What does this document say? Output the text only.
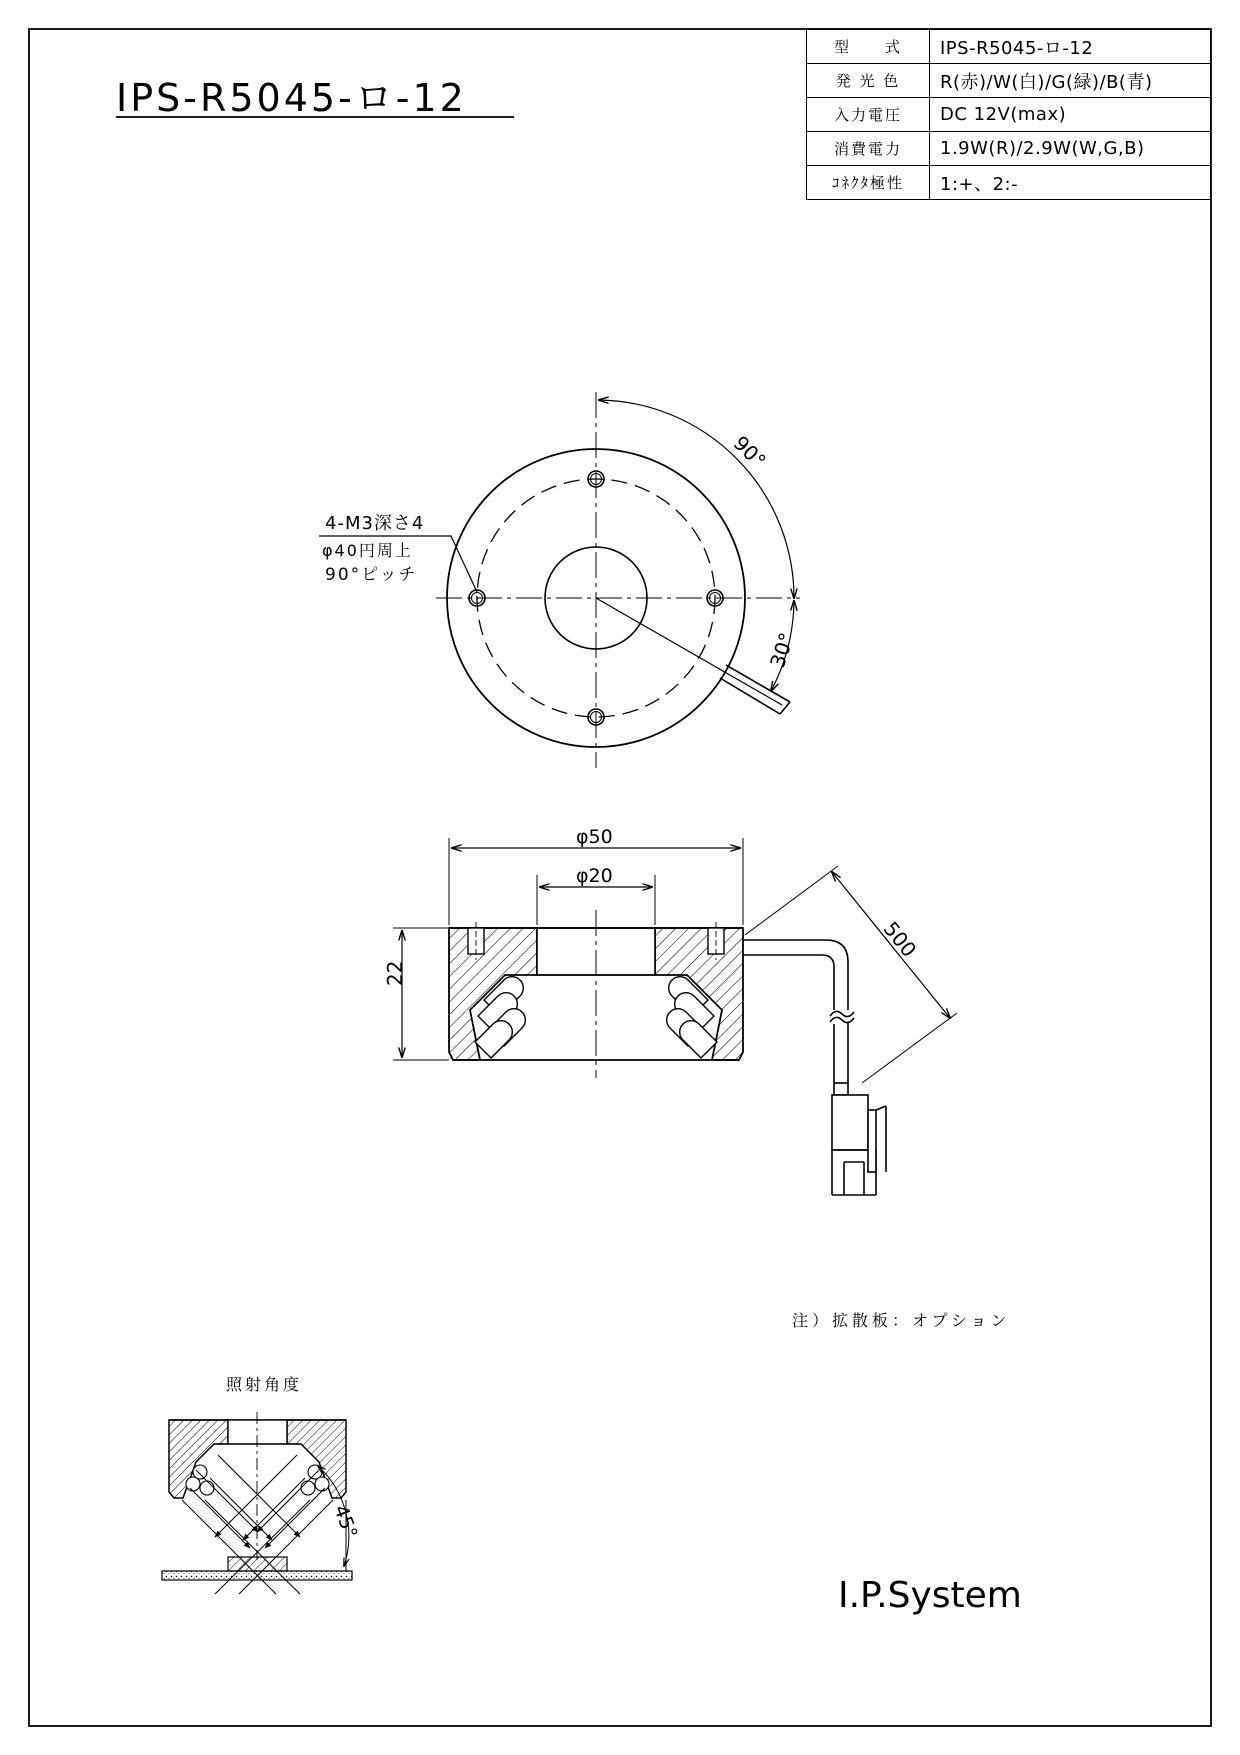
IPS-R5045-ロ-12
4-M3深さ4
φ40円周上
90°ピッチ
90°
30°
φ50
φ20
22
500
注）拡散板：オプション
照射角度
45°
I.P.System
型　　式	IPS-R5045-ロ-12
発 光 色	R(赤)/W(白)/G(緑)/B(青)
入力電圧	DC 12V(max)
消費電力	1.9W(R)/2.9W(W,G,B)
ｺﾈｸﾀ極性	1:+、2:-
